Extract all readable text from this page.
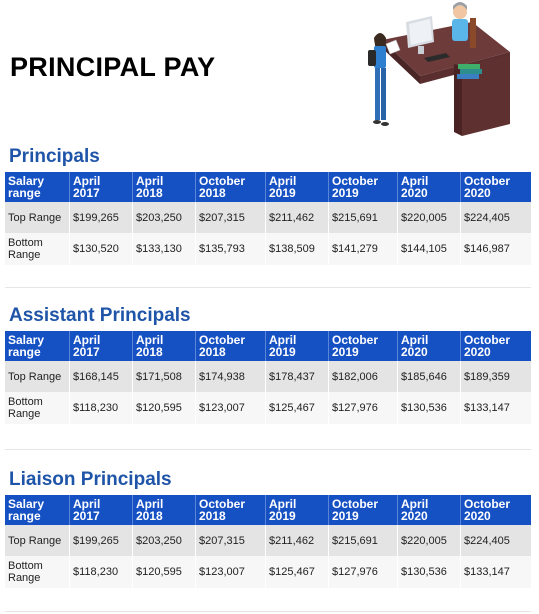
PRINCIPAL PAY
Principals
Salary range	April 2017	April 2018	October 2018	April 2019	October 2019	April 2020	October 2020
Top Range	$199,265	$203,250	$207,315	$211,462	$215,691	$220,005	$224,405
Bottom Range	$130,520	$133,130	$135,793	$138,509	$141,279	$144,105	$146,987
Assistant Principals
Salary range	April 2017	April 2018	October 2018	April 2019	October 2019	April 2020	October 2020
Top Range	$168,145	$171,508	$174,938	$178,437	$182,006	$185,646	$189,359
Bottom Range	$118,230	$120,595	$123,007	$125,467	$127,976	$130,536	$133,147
Liaison Principals
Salary range	April 2017	April 2018	October 2018	April 2019	October 2019	April 2020	October 2020
Top Range	$199,265	$203,250	$207,315	$211,462	$215,691	$220,005	$224,405
Bottom Range	$118,230	$120,595	$123,007	$125,467	$127,976	$130,536	$133,147
